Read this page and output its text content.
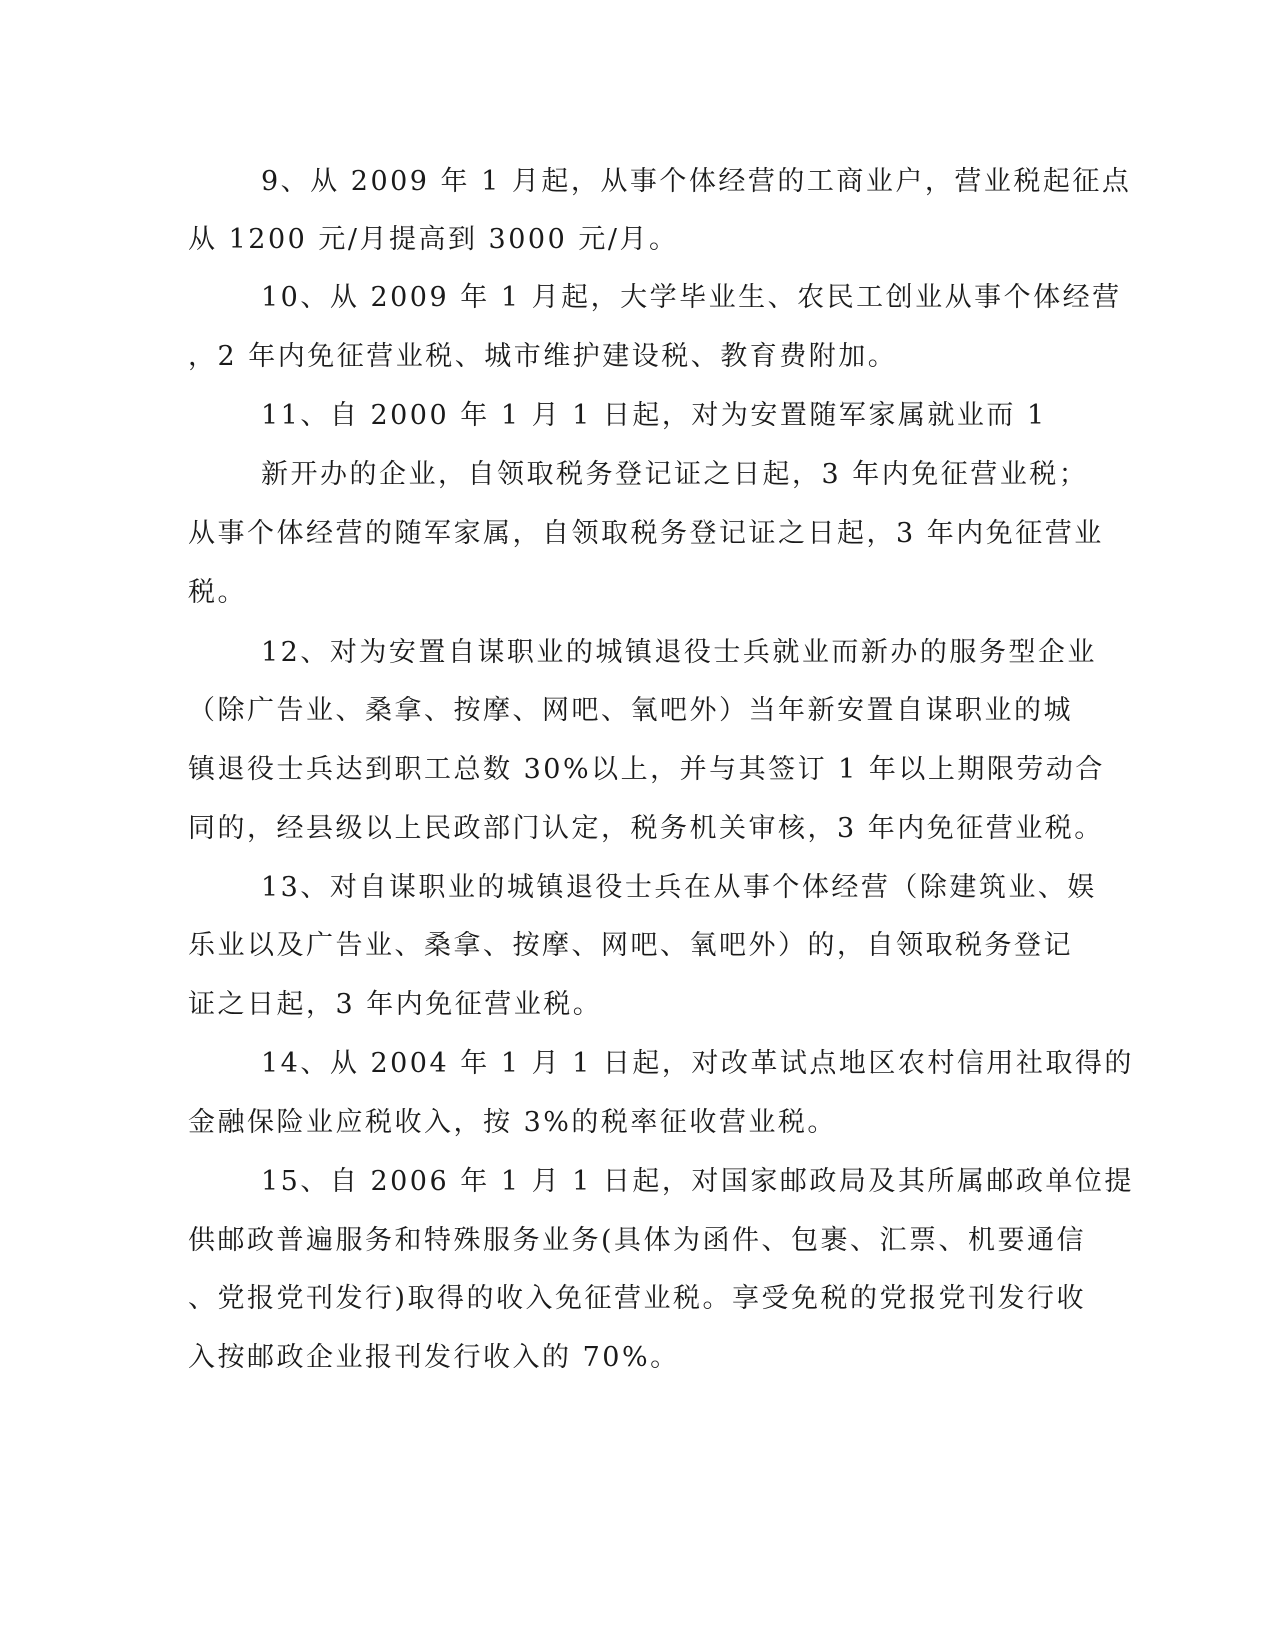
9、从 2009 年 1 月起，从事个体经营的工商业户，营业税起征点
从 1200 元/月提高到 3000 元/月。
10、从 2009 年 1 月起，大学毕业生、农民工创业从事个体经营
，2 年内免征营业税、城市维护建设税、教育费附加。
11、自 2000 年 1 月 1 日起，对为安置随军家属就业而 1
新开办的企业，自领取税务登记证之日起，3 年内免征营业税；
从事个体经营的随军家属，自领取税务登记证之日起，3 年内免征营业
税。
12、对为安置自谋职业的城镇退役士兵就业而新办的服务型企业
（除广告业、桑拿、按摩、网吧、氧吧外）当年新安置自谋职业的城
镇退役士兵达到职工总数 30%以上，并与其签订 1 年以上期限劳动合
同的，经县级以上民政部门认定，税务机关审核，3 年内免征营业税。
13、对自谋职业的城镇退役士兵在从事个体经营（除建筑业、娱
乐业以及广告业、桑拿、按摩、网吧、氧吧外）的，自领取税务登记
证之日起，3 年内免征营业税。
14、从 2004 年 1 月 1 日起，对改革试点地区农村信用社取得的
金融保险业应税收入，按 3%的税率征收营业税。
15、自 2006 年 1 月 1 日起，对国家邮政局及其所属邮政单位提
供邮政普遍服务和特殊服务业务(具体为函件、包裹、汇票、机要通信
、党报党刊发行)取得的收入免征营业税。享受免税的党报党刊发行收
入按邮政企业报刊发行收入的 70%。
